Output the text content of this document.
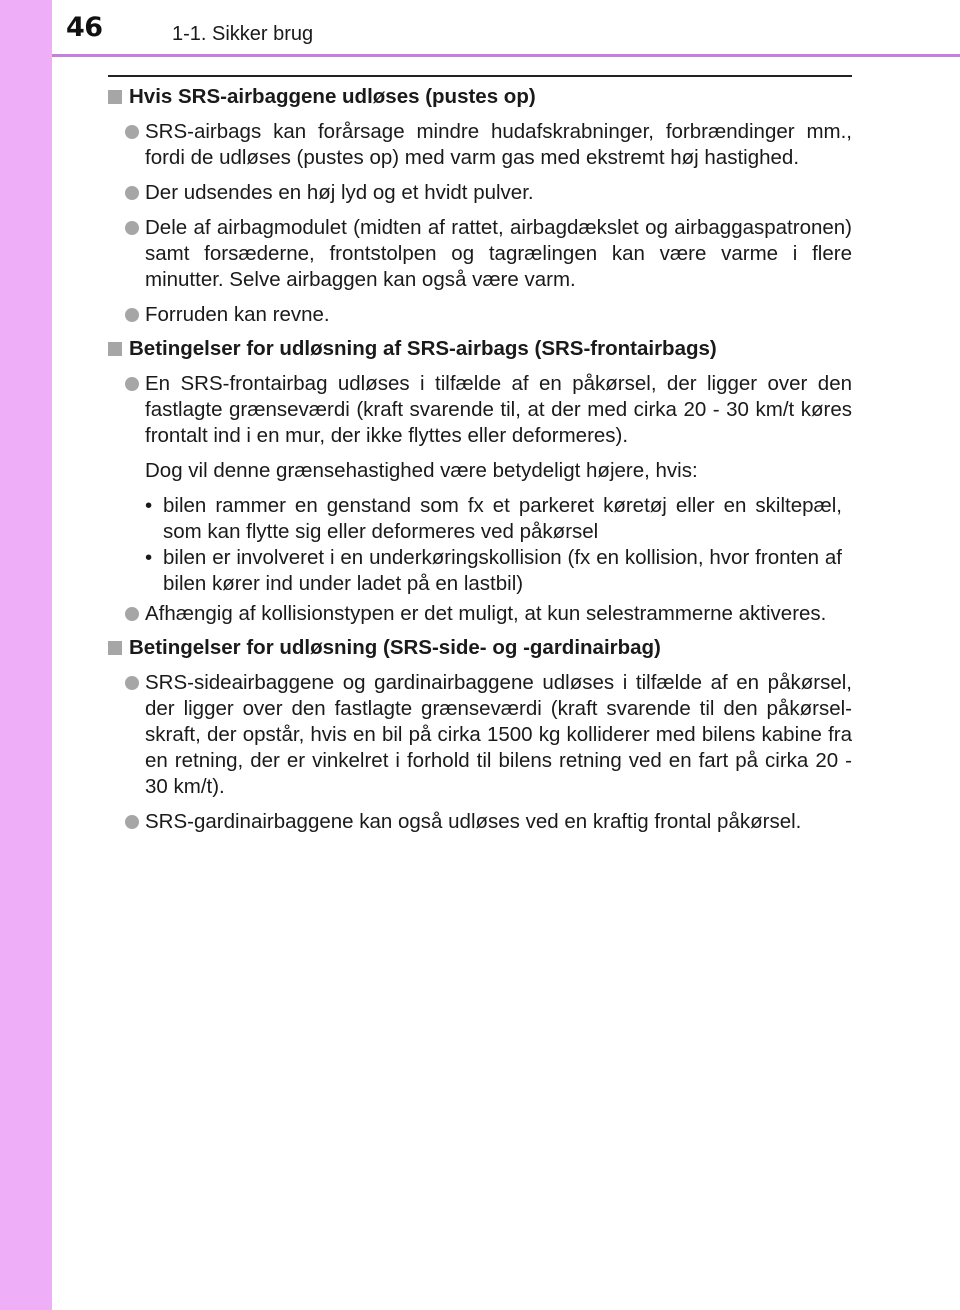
46	1-1. Sikker brug
Hvis SRS-airbaggene udløses (pustes op)
SRS-airbags kan forårsage mindre hudafskrabninger, forbrændinger mm., fordi de udløses (pustes op) med varm gas med ekstremt høj hastighed.
Der udsendes en høj lyd og et hvidt pulver.
Dele af airbagmodulet (midten af rattet, airbagdækslet og airbaggaspatronen) samt forsæderne, frontstolpen og tagrælingen kan være varme i flere minutter. Selve airbaggen kan også være varm.
Forruden kan revne.
Betingelser for udløsning af SRS-airbags (SRS-frontairbags)
En SRS-frontairbag udløses i tilfælde af en påkørsel, der ligger over den fastlagte grænseværdi (kraft svarende til, at der med cirka 20 - 30 km/t køres frontalt ind i en mur, der ikke flyttes eller deformeres).
Dog vil denne grænsehastighed være betydeligt højere, hvis:
• bilen rammer en genstand som fx et parkeret køretøj eller en skiltepæl, som kan flytte sig eller deformeres ved påkørsel
• bilen er involveret i en underkøringskollision (fx en kollision, hvor fronten af bilen kører ind under ladet på en lastbil)
Afhængig af kollisionstypen er det muligt, at kun selestrammerne aktiveres.
Betingelser for udløsning (SRS-side- og -gardinairbag)
SRS-sideairbaggene og gardinairbaggene udløses i tilfælde af en påkørsel, der ligger over den fastlagte grænseværdi (kraft svarende til den påkørselskraft, der opstår, hvis en bil på cirka 1500 kg kolliderer med bilens kabine fra en retning, der er vinkelret i forhold til bilens retning ved en fart på cirka 20 - 30 km/t).
SRS-gardinairbaggene kan også udløses ved en kraftig frontal påkørsel.
